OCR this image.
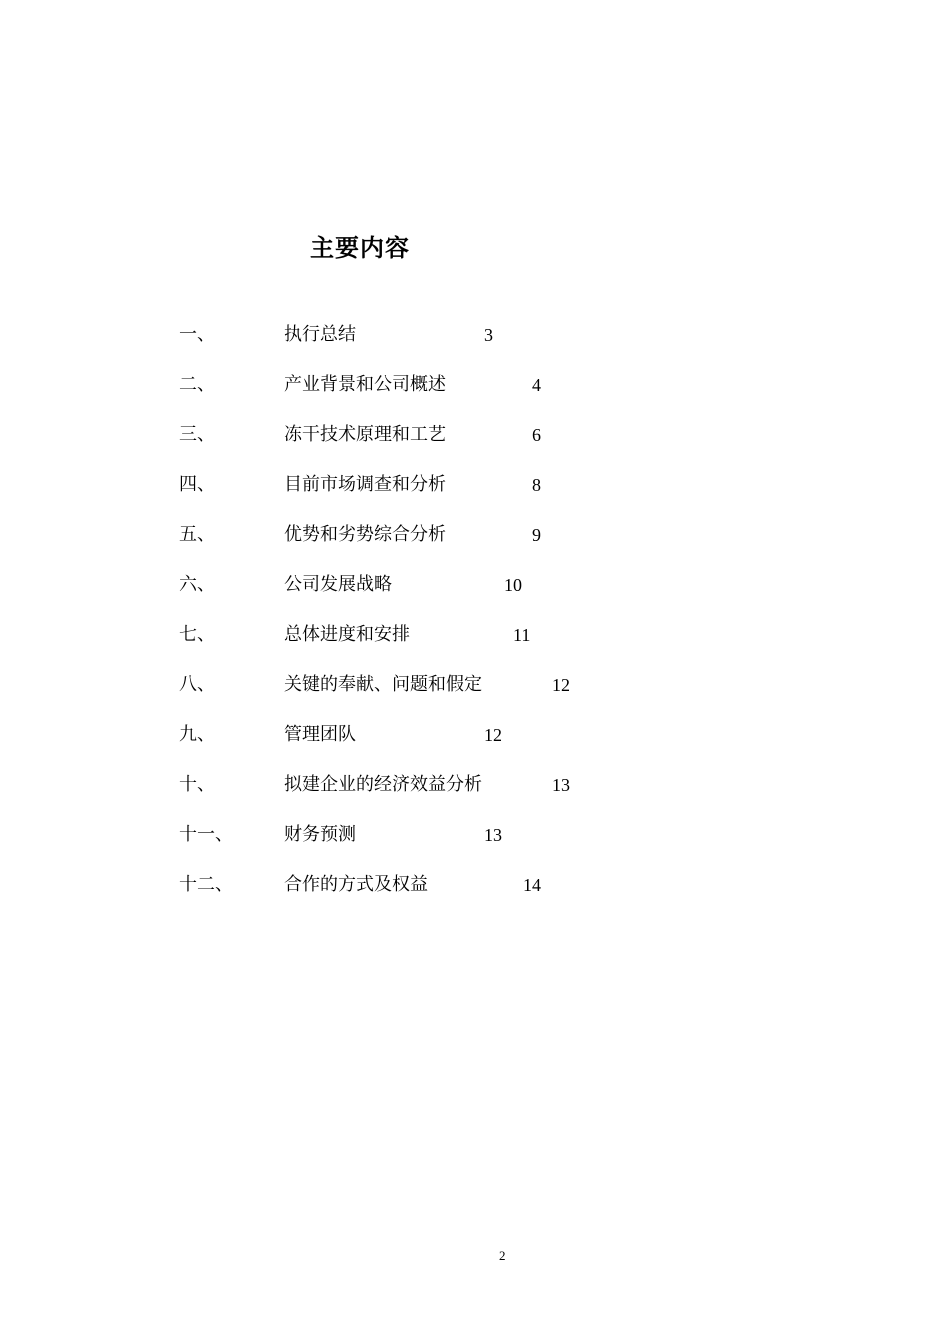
主要内容
一、	执行总结	3
二、	产业背景和公司概述	4
三、	冻干技术原理和工艺	6
四、	目前市场调查和分析	8
五、	优势和劣势综合分析	9
六、	公司发展战略	10
七、	总体进度和安排	11
八、	关键的奉献、问题和假定	12
九、	管理团队	12
十、	拟建企业的经济效益分析	13
十一、	财务预测	13
十二、	合作的方式及权益	14
2
